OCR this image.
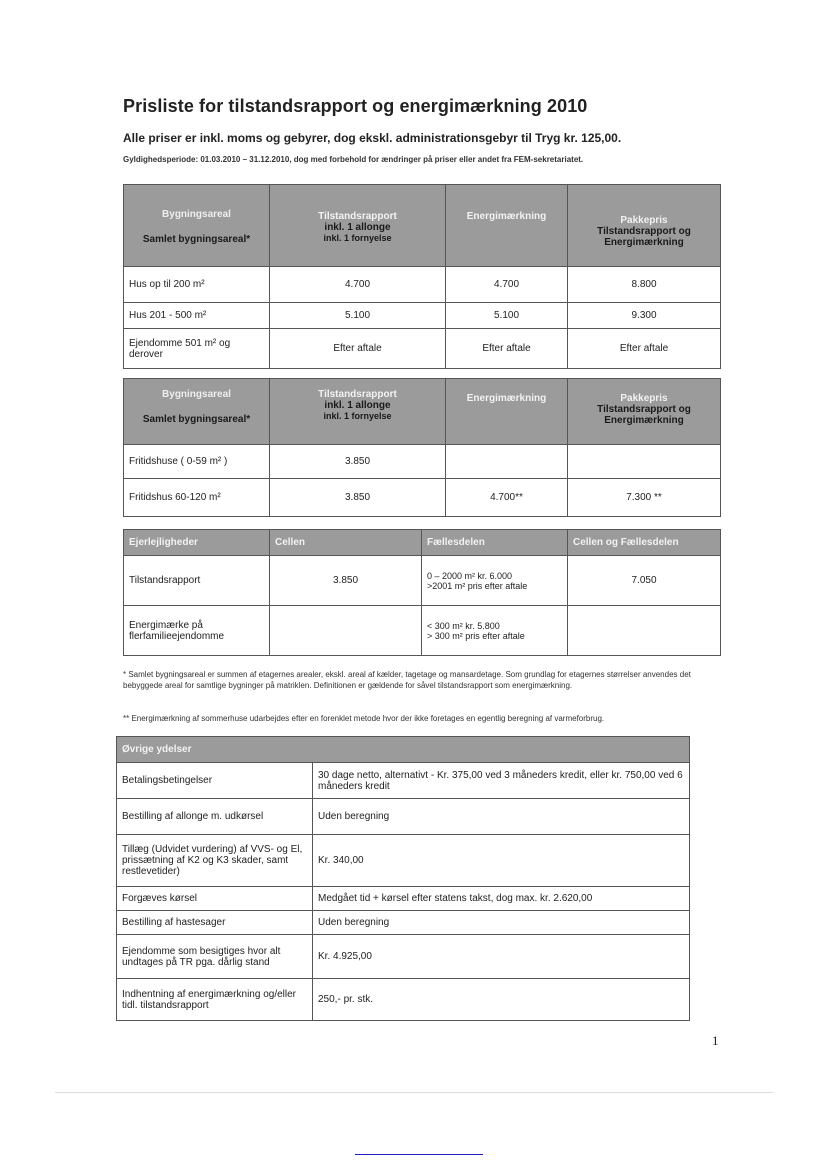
Prisliste for tilstandsrapport og energimærkning 2010

Alle priser er inkl. moms og gebyrer, dog ekskl. administrationsgebyr til Tryg kr. 125,00.

Gyldighedsperiode: 01.03.2010 – 31.12.2010, dog med forbehold for ændringer på priser eller andet fra FEM-sekretariatet.

Bygningsareal
Samlet bygningsareal*	Tilstandsrapport
inkl. 1 allonge
inkl. 1 fornyelse	Energimærkning	Pakkepris
Tilstandsrapport og Energimærkning

Hus op til 200 m²	4.700	4.700	8.800
Hus 201 - 500 m²	5.100	5.100	9.300
Ejendomme 501 m² og derover	Efter aftale	Efter aftale	Efter aftale
Bygningsareal
Samlet bygningsareal*	Tilstandsrapport
inkl. 1 allonge
inkl. 1 fornyelse	Energimærkning	Pakkepris
Tilstandsrapport og Energimærkning

Fritidshuse ( 0-59 m² )	3.850		
Fritidshus 60-120 m²	3.850	4.700**	7.300 **
Ejerlejligheder	Cellen	Fællesdelen	Cellen og Fællesdelen
Tilstandsrapport	3.850	0 – 2000 m² kr. 6.000
>2001 m² pris efter aftale	7.050
Energimærke på flerfamilieejendomme		< 300 m² kr. 5.800
> 300 m² pris efter aftale	

* Samlet bygningsareal er summen af etagernes arealer, ekskl. areal af kælder, tagetage og mansardetage. Som grundlag for etagernes størrelser anvendes det bebyggede areal for samtlige bygninger på matriklen. Definitionen er gældende for såvel tilstandsrapport som energimærkning.

** Energimærkning af sommerhuse udarbejdes efter en forenklet metode hvor der ikke foretages en egentlig beregning af varmeforbrug.

Øvrige ydelser	
Betalingsbetingelser	30 dage netto, alternativt - Kr. 375,00 ved 3 måneders kredit, eller kr. 750,00 ved 6 måneders kredit
Bestilling af allonge m. udkørsel	Uden beregning
Tillæg (Udvidet vurdering) af VVS- og El, prissætning af K2 og K3 skader, samt restlevetider)	Kr. 340,00
Forgæves kørsel	Medgået tid + kørsel efter statens takst, dog max. kr. 2.620,00
Bestilling af hastesager	Uden beregning
Ejendomme som besigtiges hvor alt undtages på TR pga. dårlig stand	Kr. 4.925,00
Indhentning af energimærkning og/eller tidl. tilstandsrapport	250,- pr. stk.
1
